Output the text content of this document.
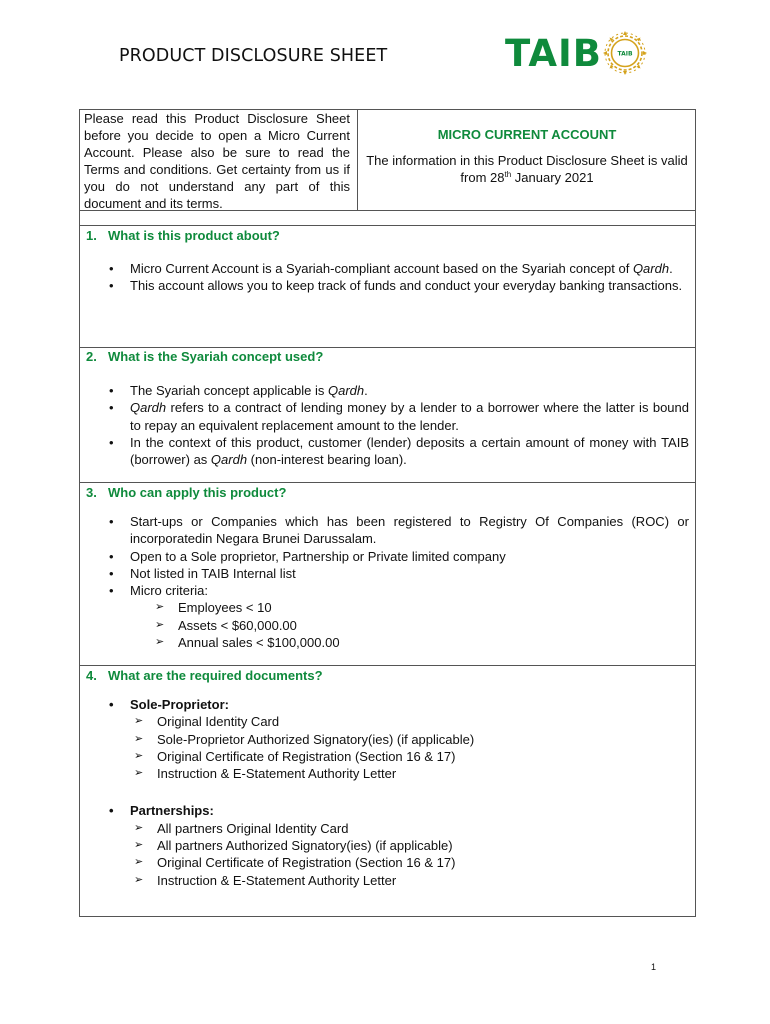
PRODUCT DISCLOSURE SHEET	TAIB	TAIB
Please read this Product Disclosure Sheet before you decide to open a Micro Current Account. Please also be sure to read the Terms and conditions. Get certainty from us if you do not understand any part of this document and its terms.
MICRO CURRENT ACCOUNT
The information in this Product Disclosure Sheet is valid from 28th January 2021
1. What is this product about?
• Micro Current Account is a Syariah-compliant account based on the Syariah concept of Qardh.
• This account allows you to keep track of funds and conduct your everyday banking transactions.
2. What is the Syariah concept used?
• The Syariah concept applicable is Qardh.
• Qardh refers to a contract of lending money by a lender to a borrower where the latter is bound to repay an equivalent replacement amount to the lender.
• In the context of this product, customer (lender) deposits a certain amount of money with TAIB (borrower) as Qardh (non-interest bearing loan).
3. Who can apply this product?
• Start-ups or Companies which has been registered to Registry Of Companies (ROC) or incorporatedin Negara Brunei Darussalam.
• Open to a Sole proprietor, Partnership or Private limited company
• Not listed in TAIB Internal list
• Micro criteria:
➢ Employees < 10
➢ Assets < $60,000.00
➢ Annual sales < $100,000.00
4. What are the required documents?
• Sole-Proprietor:
➢ Original Identity Card
➢ Sole-Proprietor Authorized Signatory(ies) (if applicable)
➢ Original Certificate of Registration (Section 16 & 17)
➢ Instruction & E-Statement Authority Letter
• Partnerships:
➢ All partners Original Identity Card
➢ All partners Authorized Signatory(ies) (if applicable)
➢ Original Certificate of Registration (Section 16 & 17)
➢ Instruction & E-Statement Authority Letter
1
